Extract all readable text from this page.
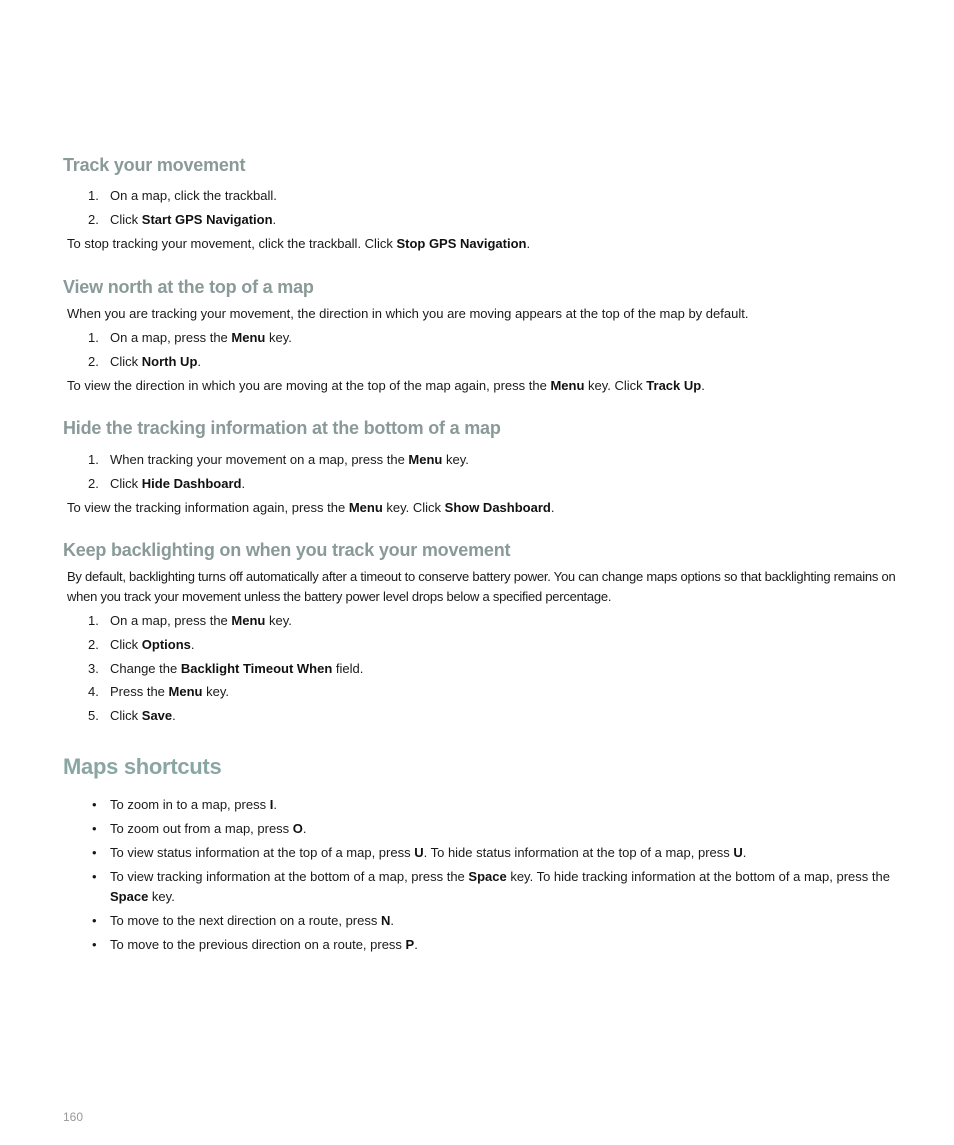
Track your movement
1. On a map, click the trackball.
2. Click Start GPS Navigation.
To stop tracking your movement, click the trackball. Click Stop GPS Navigation.
View north at the top of a map
When you are tracking your movement, the direction in which you are moving appears at the top of the map by default.
1. On a map, press the Menu key.
2. Click North Up.
To view the direction in which you are moving at the top of the map again, press the Menu key. Click Track Up.
Hide the tracking information at the bottom of a map
1. When tracking your movement on a map, press the Menu key.
2. Click Hide Dashboard.
To view the tracking information again, press the Menu key. Click Show Dashboard.
Keep backlighting on when you track your movement
By default, backlighting turns off automatically after a timeout to conserve battery power. You can change maps options so that backlighting remains on when you track your movement unless the battery power level drops below a specified percentage.
1. On a map, press the Menu key.
2. Click Options.
3. Change the Backlight Timeout When field.
4. Press the Menu key.
5. Click Save.
Maps shortcuts
• To zoom in to a map, press I.
• To zoom out from a map, press O.
• To view status information at the top of a map, press U. To hide status information at the top of a map, press U.
• To view tracking information at the bottom of a map, press the Space key. To hide tracking information at the bottom of a map, press the Space key.
• To move to the next direction on a route, press N.
• To move to the previous direction on a route, press P.
160
